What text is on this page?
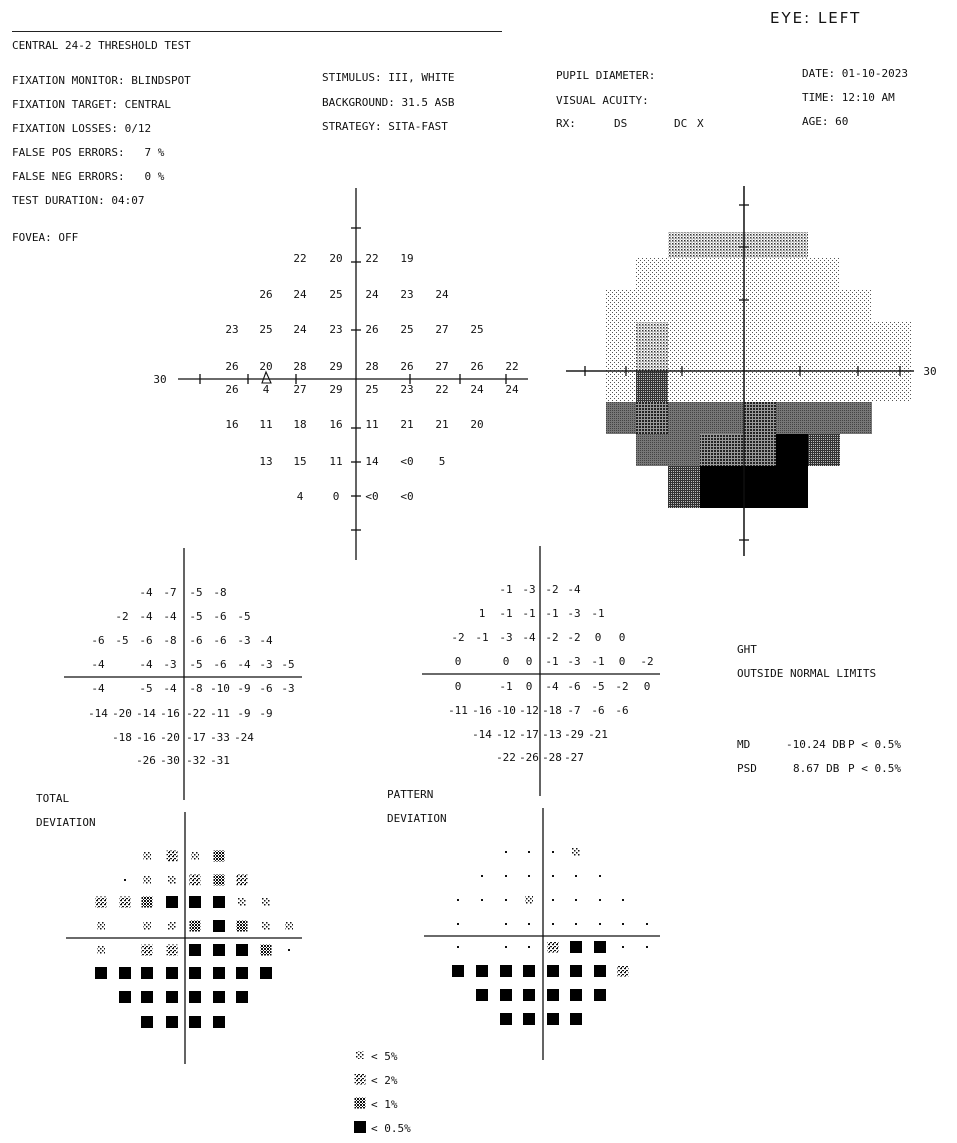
EYE: LEFT
CENTRAL 24-2 THRESHOLD TEST
FIXATION MONITOR: BLINDSPOT
FIXATION TARGET: CENTRAL
FIXATION LOSSES: 0/12
FALSE POS ERRORS:   7 %
FALSE NEG ERRORS:   0 %
TEST DURATION: 04:07
FOVEA: OFF
STIMULUS: III, WHITE
BACKGROUND: 31.5 ASB
STRATEGY: SITA-FAST
PUPIL DIAMETER:
VISUAL ACUITY:
RX:	DS	DC X
DATE: 01-10-2023
TIME: 12:10 AM
AGE: 60
TOTAL
DEVIATION
PATTERN
DEVIATION
GHT
OUTSIDE NORMAL LIMITS
MD	-10.24 DB P < 0.5%
PSD	8.67 DB P < 0.5%
< 5%
< 2%
< 1%
< 0.5%
30
22 20 22 19
26 24 25 24 23 24
23 25 24 23 26 25 27 25
26 20 28 29 28 26 27 26 22
26 4 27 29 25 23 22 24 24
16 11 18 16 11 21 21 20
13 15 11 14 <0 5
4	0 <0 <0
30
-4 -7 -5 -8
-2 -4 -4 -5 -6 -5
-6 -5 -6 -8 -6 -6 -3 -4
-4	-4 -3 -5 -6 -4 -3 -5
-4	-5 -4 -8 -10 -9 -6 -3
-14 -20 -14 -16 -22 -11 -9 -9
-18 -16 -20 -17 -33 -24
-26 -30 -32 -31
-1 -3 -2 -4
1 -1 -1 -1 -3 -1
-2 -1 -3 -4 -2 -2 0 0
0	0 0 -1 -3 -1 0 -2
0	-1 0 -4 -6 -5 -2 0
-11 -16 -10 -12 -18 -7 -6 -6
-14 -12 -17 -13 -29 -21
-22 -26 -28 -27
